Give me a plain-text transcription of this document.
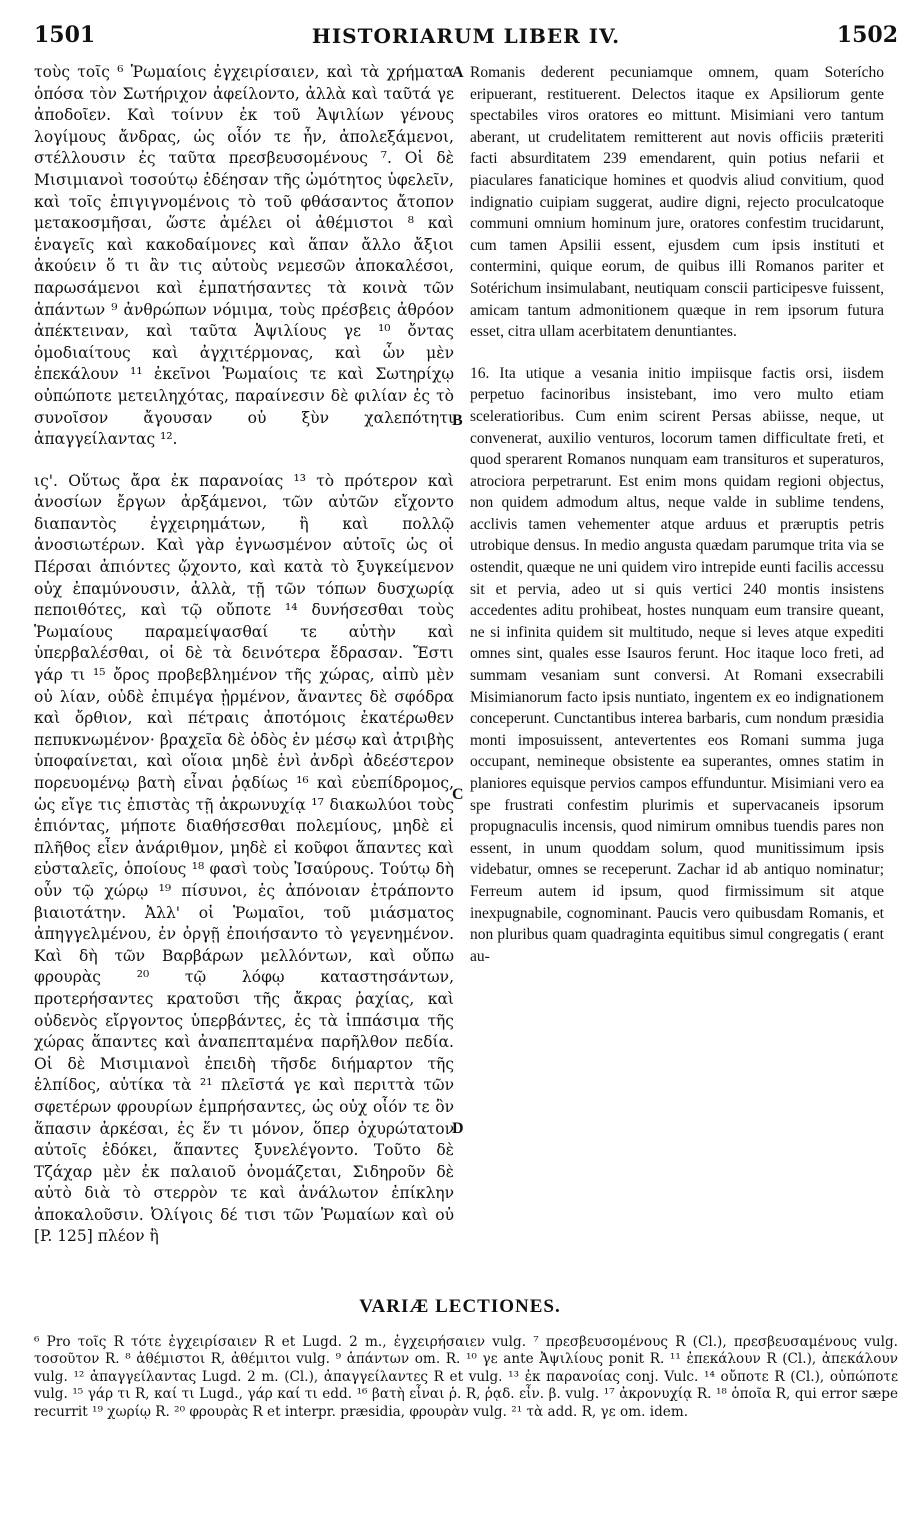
1501	HISTORIARUM LIBER IV.	1502

τοὺς τοῖς ⁶ Ῥωμαίοις ἐγχειρίσαιεν, καὶ τὰ χρήματα ὁπόσα τὸν Σωτήριχον ἀφείλοντο, ἀλλὰ καὶ ταῦτά γε ἀποδοῖεν. Καὶ τοίνυν ἐκ τοῦ Ἀψιλίων γένους λογίμους ἄνδρας, ὡς οἷόν τε ἦν, ἀπολεξάμενοι, στέλλουσιν ἐς ταῦτα πρεσβευσομένους ⁷. Οἱ δὲ Μισιμιανοὶ τοσούτῳ ἐδέησαν τῆς ὠμότητος ὑφελεῖν, καὶ τοῖς ἐπιγιγνομένοις τὸ τοῦ φθάσαντος ἄτοπον μετακοσμῆσαι, ὥστε ἀμέλει οἱ ἀθέμιστοι ⁸ καὶ ἐναγεῖς καὶ κακοδαίμονες καὶ ἅπαν ἄλλο ἄξιοι ἀκούειν ὅ τι ἂν τις αὐτοὺς νεμεσῶν ἀποκαλέσοι, παρωσάμενοι καὶ ἐμπατήσαντες τὰ κοινὰ τῶν ἁπάντων ⁹ ἀνθρώπων νόμιμα, τοὺς πρέσβεις ἀθρόον ἀπέκτειναν, καὶ ταῦτα Ἀψιλίους γε ¹⁰ ὄντας ὁμοδιαίτους καὶ ἀγχιτέρμονας, καὶ ὧν μὲν ἐπεκάλουν ¹¹ ἐκεῖνοι Ῥωμαίοις τε καὶ Σωτηρίχῳ οὐπώποτε μετειληχότας, παραίνεσιν δὲ φιλίαν ἐς τὸ συνοῖσον ἄγουσαν οὐ ξὺν χαλεπότητι ἀπαγγείλαντας ¹².

ις'. Οὕτως ἄρα ἐκ παρανοίας ¹³ τὸ πρότερον καὶ ἀνοσίων ἔργων ἀρξάμενοι, τῶν αὐτῶν εἴχοντο διαπαντὸς ἐγχειρημάτων, ἢ καὶ πολλῷ ἀνοσιωτέρων. Καὶ γὰρ ἐγνωσμένον αὐτοῖς ὡς οἱ Πέρσαι ἀπιόντες ᾤχοντο, καὶ κατὰ τὸ ξυγκείμενον οὐχ ἐπαμύνουσιν, ἀλλὰ, τῇ τῶν τόπων δυσχωρίᾳ πεποιθότες, καὶ τῷ οὔποτε ¹⁴ δυνήσεσθαι τοὺς Ῥωμαίους παραμείψασθαί τε αὐτὴν καὶ ὑπερβαλέσθαι, οἱ δὲ τὰ δεινότερα ἔδρασαν. Ἔστι γάρ τι ¹⁵ ὄρος προβεβλημένον τῆς χώρας, αἰπὺ μὲν οὐ λίαν, οὐδὲ ἐπιμέγα ᾐρμένον, ἄναντες δὲ σφόδρα καὶ ὄρθιον, καὶ πέτραις ἀποτόμοις ἑκατέρωθεν πεπυκνωμένον· βραχεῖα δὲ ὁδὸς ἐν μέσῳ καὶ ἀτριβὴς ὑποφαίνεται, καὶ οἵοια μηδὲ ἑνὶ ἀνδρὶ ἀδεέστερον πορευομένῳ βατὴ εἶναι ῥᾳδίως ¹⁶ καὶ εὐεπίδρομος, ὡς εἴγε τις ἐπιστὰς τῇ ἀκρωνυχίᾳ ¹⁷ διακωλύοι τοὺς ἐπιόντας, μήποτε διαθήσεσθαι πολεμίους, μηδὲ εἰ πλῆθος εἶεν ἀνάριθμον, μηδὲ εἰ κοῦφοι ἅπαντες καὶ εὐσταλεῖς, ὁποίους ¹⁸ φασὶ τοὺς Ἰσαύρους. Τούτῳ δὴ οὖν τῷ χώρῳ ¹⁹ πίσυνοι, ἐς ἀπόνοιαν ἐτράποντο βιαιοτάτην. Ἀλλ' οἱ Ῥωμαῖοι, τοῦ μιάσματος ἀπηγγελμένου, ἐν ὀργῇ ἐποιήσαντο τὸ γεγενημένον. Καὶ δὴ τῶν Βαρβάρων μελλόντων, καὶ οὔπω φρουρὰς ²⁰ τῷ λόφῳ καταστησάντων, προτερήσαντες κρατοῦσι τῆς ἄκρας ῥαχίας, καὶ οὐδενὸς εἴργοντος ὑπερβάντες, ἐς τὰ ἱππάσιμα τῆς χώρας ἅπαντες καὶ ἀναπεπταμένα παρῆλθον πεδία. Οἱ δὲ Μισιμιανοὶ ἐπειδὴ τῆσδε διήμαρτον τῆς ἐλπίδος, αὐτίκα τὰ ²¹ πλεῖστά γε καὶ περιττὰ τῶν σφετέρων φρουρίων ἐμπρήσαντες, ὡς οὐχ οἷόν τε ὂν ἅπασιν ἀρκέσαι, ἐς ἕν τι μόνον, ὅπερ ὀχυρώτατον αὐτοῖς ἐδόκει, ἅπαντες ξυνελέγοντο. Τοῦτο δὲ Τζάχαρ μὲν ἐκ παλαιοῦ ὀνομάζεται, Σιδηροῦν δὲ αὐτὸ διὰ τὸ στερρὸν τε καὶ ἀνάλωτον ἐπίκλην ἀποκαλοῦσιν. Ὀλίγοις δέ τισι τῶν Ῥωμαίων καὶ οὐ [P. 125] πλέον ἢ

Romanis dederent pecuniamque omnem, quam Soterícho eripuerant, restituerent. Delectos itaque ex Apsiliorum gente spectabiles viros oratores eo mittunt. Misimiani vero tantum aberant, ut crudelitatem remitterent aut novis officiis præteriti facti absurditatem 239 emendarent, quin potius nefarii et piaculares fanaticique homines et quodvis aliud convitium, quod indignatio cuipiam suggerat, audire digni, rejecto proculcatoque communi omnium hominum jure, oratores confestim trucidarunt, cum tamen Apsilii essent, ejusdem cum ipsis instituti et contermini, quique eorum, de quibus illi Romanos pariter et Sotérichum insimulabant, neutiquam conscii participesve fuissent, amicam tantum admonitionem quæque in rem ipsorum futura esset, citra ullam acerbitatem denuntiantes.

16. Ita utique a vesania initio impiisque factis orsi, iisdem perpetuo facinoribus insistebant, imo vero multo etiam sceleratioribus. Cum enim scirent Persas abiisse, neque, ut convenerat, auxilio venturos, locorum tamen difficultate freti, et quod sperarent Romanos nunquam eam transituros et superaturos, atrociora perpetrarunt. Est enim mons quidam regioni objectus, non quidem admodum altus, neque valde in sublime tendens, acclivis tamen vehementer atque arduus et præruptis petris utrobique densus. In medio angusta quædam parumque trita via se ostendit, quæque ne uni quidem viro intrepide eunti facilis accessu sit et pervia, adeo ut si quis vertici 240 montis insistens accedentes aditu prohibeat, hostes nunquam eum transire queant, ne si infinita quidem sit multitudo, neque si leves atque expediti omnes sint, quales esse Isauros ferunt. Hoc itaque loco freti, ad summam vesaniam sunt conversi. At Romani exsecrabili Misimianorum facto ipsis nuntiato, ingentem ex eo indignationem conceperunt. Cunctantibus interea barbaris, cum nondum præsidia monti imposuissent, antevertentes eos Romani summa juga occupant, nemineque obsistente ea superantes, omnes statim in planiores equisque pervios campos effunduntur. Misimiani vero ea spe frustrati confestim plurimis et supervacaneis ipsorum propugnaculis incensis, quod nimirum omnibus tuendis pares non essent, in unum quoddam solum, quod munitissimum ipsis videbatur, omnes se receperunt. Zachar id ab antiquo nominatur; Ferreum autem id ipsum, quod firmissimum sit atque inexpugnabile, cognominant. Paucis vero quibusdam Romanis, et non pluribus quam quadraginta equitibus simul congregatis ( erant au-

A
B
C
D
VARIÆ LECTIONES.

⁶ Pro τοῖς R τότε ἐγχειρίσαιεν R et Lugd. 2 m., ἐγχειρήσαιεν vulg. ⁷ πρεσβευσομένους R (Cl.), πρεσβευσαμένους vulg. τοσοῦτον R. ⁸ ἀθέμιστοι R, ἀθέμιτοι vulg. ⁹ ἁπάντων om. R. ¹⁰ γε ante Ἀψιλίους ponit R. ¹¹ ἐπεκάλουν R (Cl.), ἀπεκάλουν vulg. ¹² ἀπαγγείλαντας Lugd. 2 m. (Cl.), ἀπαγγείλαντες R et vulg. ¹³ ἐκ παρανοίας conj. Vulc. ¹⁴ οὔποτε R (Cl.), οὐπώποτε vulg. ¹⁵ γάρ τι R, καί τι Lugd., γάρ καί τι edd. ¹⁶ βατὴ εἶναι ῥ. R, ῥᾳδ. εἶν. β. vulg. ¹⁷ ἀκρονυχίᾳ R. ¹⁸ ὁποῖα R, qui error sæpe recurrit ¹⁹ χωρίῳ R. ²⁰ φρουρὰς R et interpr. præsidia, φρουρὰν vulg. ²¹ τὰ add. R, γε om. idem.
